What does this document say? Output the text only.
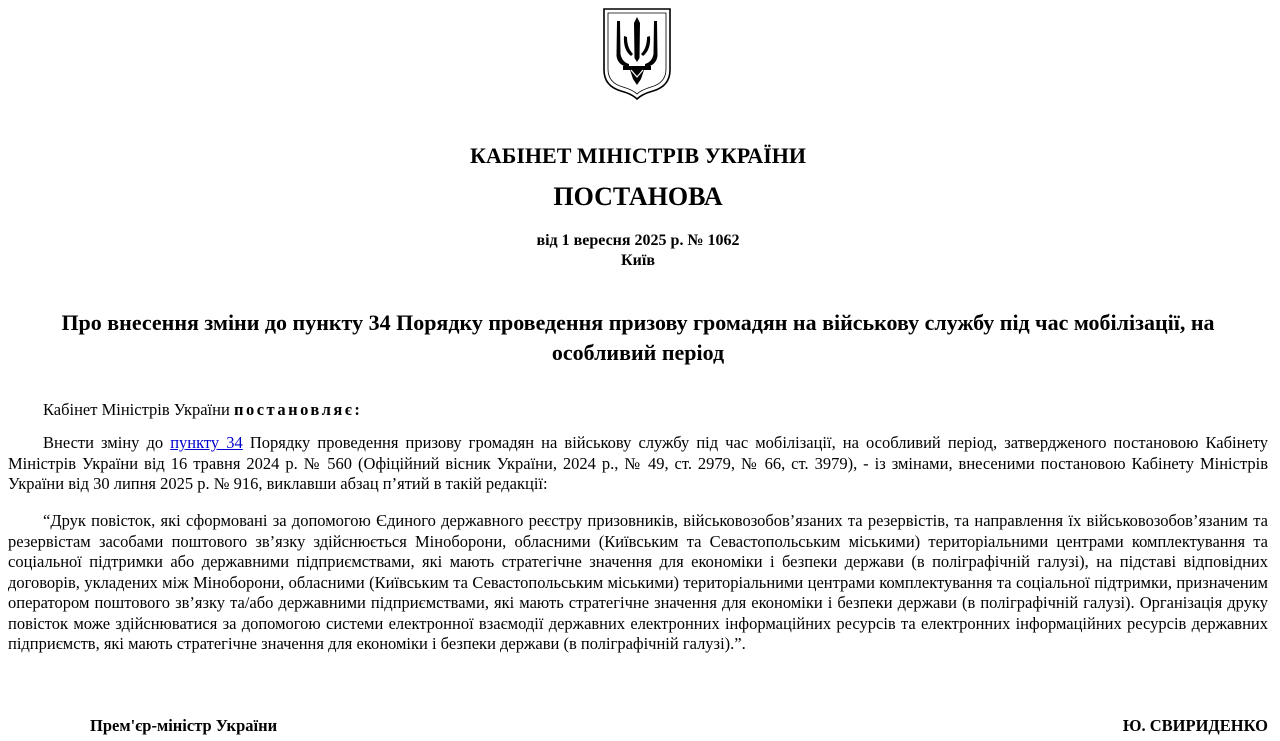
КАБІНЕТ МІНІСТРІВ УКРАЇНИ
ПОСТАНОВА
від 1 вересня 2025 р. № 1062
Київ
Про внесення зміни до пункту 34 Порядку проведення призову громадян на військову службу під час мобілізації, на особливий період

Кабінет Міністрів України постановляє:

Внести зміну до пункту 34 Порядку проведення призову громадян на військову службу під час мобілізації, на особливий період, затвердженого постановою Кабінету Міністрів України від 16 травня 2024 р. № 560 (Офіційний вісник України, 2024 р., № 49, ст. 2979, № 66, ст. 3979), - із змінами, внесеними постановою Кабінету Міністрів України від 30 липня 2025 р. № 916, виклавши абзац п’ятий в такій редакції:

“Друк повісток, які сформовані за допомогою Єдиного державного реєстру призовників, військовозобов’язаних та резервістів, та направлення їх військовозобов’язаним та резервістам засобами поштового зв’язку здійснюється Міноборони, обласними (Київським та Севастопольським міськими) територіальними центрами комплектування та соціальної підтримки або державними підприємствами, які мають стратегічне значення для економіки і безпеки держави (в поліграфічній галузі), на підставі відповідних договорів, укладених між Міноборони, обласними (Київським та Севастопольським міськими) територіальними центрами комплектування та соціальної підтримки, призначеним оператором поштового зв’язку та/або державними підприємствами, які мають стратегічне значення для економіки і безпеки держави (в поліграфічній галузі). Організація друку повісток може здійснюватися за допомогою системи електронної взаємодії державних електронних інформаційних ресурсів та електронних інформаційних ресурсів державних підприємств, які мають стратегічне значення для економіки і безпеки держави (в поліграфічній галузі).”.

Прем'єр-міністр України	Ю. СВИРИДЕНКО
